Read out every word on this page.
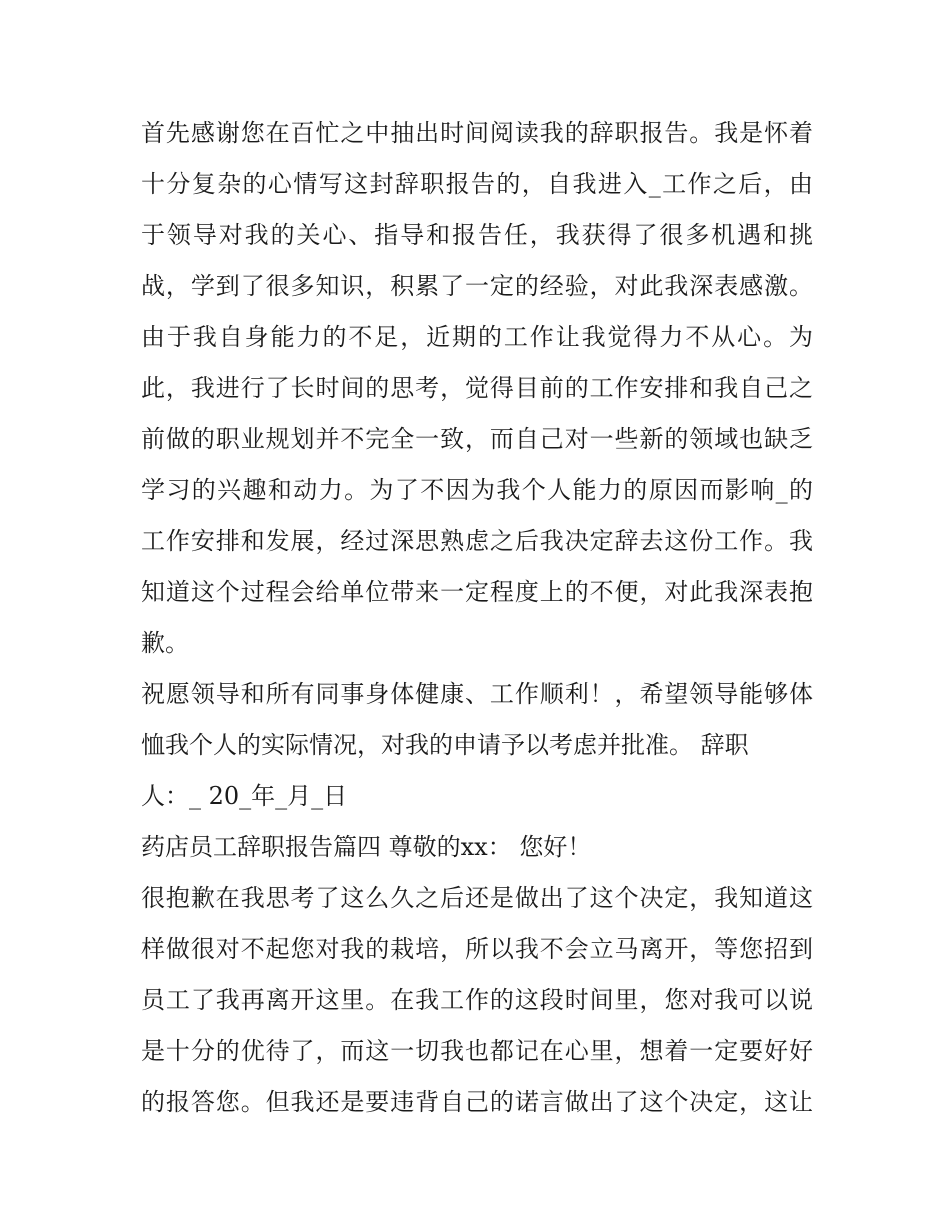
首先感谢您在百忙之中抽出时间阅读我的辞职报告。我是怀着
十分复杂的心情写这封辞职报告的，自我进入_工作之后，由
于领导对我的关心、指导和报告任，我获得了很多机遇和挑
战，学到了很多知识，积累了一定的经验，对此我深表感激。
由于我自身能力的不足，近期的工作让我觉得力不从心。为
此，我进行了长时间的思考，觉得目前的工作安排和我自己之
前做的职业规划并不完全一致，而自己对一些新的领域也缺乏
学习的兴趣和动力。为了不因为我个人能力的原因而影响_的
工作安排和发展，经过深思熟虑之后我决定辞去这份工作。我
知道这个过程会给单位带来一定程度上的不便，对此我深表抱
歉。
祝愿领导和所有同事身体健康、工作顺利！，希望领导能够体
恤我个人的实际情况，对我的申请予以考虑并批准。 辞职
人：_ 20_年_月_日
药店员工辞职报告篇四 尊敬的xx： 您好！
很抱歉在我思考了这么久之后还是做出了这个决定，我知道这
样做很对不起您对我的栽培，所以我不会立马离开，等您招到
员工了我再离开这里。在我工作的这段时间里，您对我可以说
是十分的优待了，而这一切我也都记在心里，想着一定要好好
的报答您。但我还是要违背自己的诺言做出了这个决定，这让
